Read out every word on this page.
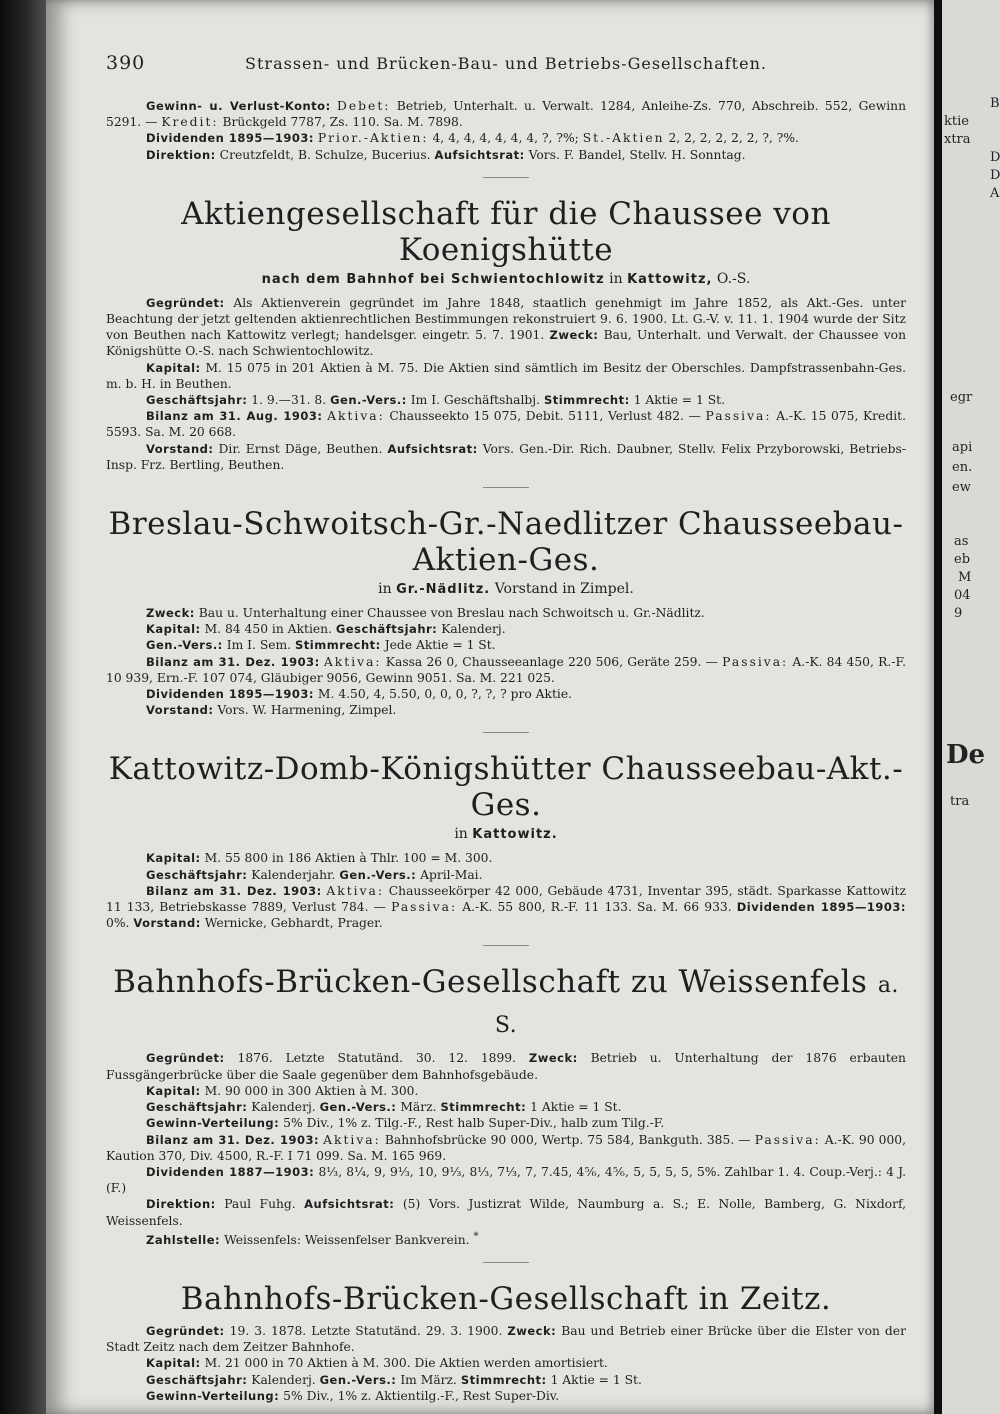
B
ktie
xtra
D
D
A
egr
api
en.
ew
as
eb
M
04
9
De
tra
390	Strassen- und Brücken-Bau- und Betriebs-Gesellschaften.

Gewinn- u. Verlust-Konto: Debet: Betrieb, Unterhalt. u. Verwalt. 1284, Anleihe-Zs. 770, Abschreib. 552, Gewinn 5291. — Kredit: Brückgeld 7787, Zs. 110. Sa. M. 7898.

Dividenden 1895—1903: Prior.-Aktien: 4, 4, 4, 4, 4, 4, 4, ?, ?%; St.-Aktien 2, 2, 2, 2, 2, 2, ?, ?%.

Direktion: Creutzfeldt, B. Schulze, Bucerius. Aufsichtsrat: Vors. F. Bandel, Stellv. H. Sonntag.

Aktiengesellschaft für die Chaussee von Koenigshütte
nach dem Bahnhof bei Schwientochlowitz in Kattowitz, O.-S.

Gegründet: Als Aktienverein gegründet im Jahre 1848, staatlich genehmigt im Jahre 1852, als Akt.-Ges. unter Beachtung der jetzt geltenden aktienrechtlichen Bestimmungen rekonstruiert 9. 6. 1900. Lt. G.-V. v. 11. 1. 1904 wurde der Sitz von Beuthen nach Kattowitz verlegt; handelsger. eingetr. 5. 7. 1901. Zweck: Bau, Unterhalt. und Verwalt. der Chaussee von Königshütte O.-S. nach Schwientochlowitz.

Kapital: M. 15 075 in 201 Aktien à M. 75. Die Aktien sind sämtlich im Besitz der Oberschles. Dampfstrassenbahn-Ges. m. b. H. in Beuthen.

Geschäftsjahr: 1. 9.—31. 8. Gen.-Vers.: Im I. Geschäftshalbj. Stimmrecht: 1 Aktie = 1 St.

Bilanz am 31. Aug. 1903: Aktiva: Chausseekto 15 075, Debit. 5111, Verlust 482. — Passiva: A.-K. 15 075, Kredit. 5593. Sa. M. 20 668.

Vorstand: Dir. Ernst Däge, Beuthen. Aufsichtsrat: Vors. Gen.-Dir. Rich. Daubner, Stellv. Felix Przyborowski, Betriebs-Insp. Frz. Bertling, Beuthen.

Breslau-Schwoitsch-Gr.-Naedlitzer Chausseebau-Aktien-Ges.
in Gr.-Nädlitz. Vorstand in Zimpel.

Zweck: Bau u. Unterhaltung einer Chaussee von Breslau nach Schwoitsch u. Gr.-Nädlitz.

Kapital: M. 84 450 in Aktien. Geschäftsjahr: Kalenderj.

Gen.-Vers.: Im I. Sem. Stimmrecht: Jede Aktie = 1 St.

Bilanz am 31. Dez. 1903: Aktiva: Kassa 26 0, Chausseeanlage 220 506, Geräte 259. — Passiva: A.-K. 84 450, R.-F. 10 939, Ern.-F. 107 074, Gläubiger 9056, Gewinn 9051. Sa. M. 221 025.

Dividenden 1895—1903: M. 4.50, 4, 5.50, 0, 0, 0, ?, ?, ? pro Aktie.

Vorstand: Vors. W. Harmening, Zimpel.

Kattowitz-Domb-Königshütter Chausseebau-Akt.-Ges.
in Kattowitz.

Kapital: M. 55 800 in 186 Aktien à Thlr. 100 = M. 300.

Geschäftsjahr: Kalenderjahr. Gen.-Vers.: April-Mai.

Bilanz am 31. Dez. 1903: Aktiva: Chausseekörper 42 000, Gebäude 4731, Inventar 395, städt. Sparkasse Kattowitz 11 133, Betriebskasse 7889, Verlust 784. — Passiva: A.-K. 55 800, R.-F. 11 133. Sa. M. 66 933. Dividenden 1895—1903: 0%. Vorstand: Wernicke, Gebhardt, Prager.

Bahnhofs-Brücken-Gesellschaft zu Weissenfels a. S.

Gegründet: 1876. Letzte Statutänd. 30. 12. 1899. Zweck: Betrieb u. Unterhaltung der 1876 erbauten Fussgängerbrücke über die Saale gegenüber dem Bahnhofsgebäude.

Kapital: M. 90 000 in 300 Aktien à M. 300.

Geschäftsjahr: Kalenderj. Gen.-Vers.: März. Stimmrecht: 1 Aktie = 1 St.

Gewinn-Verteilung: 5% Div., 1% z. Tilg.-F., Rest halb Super-Div., halb zum Tilg.-F.

Bilanz am 31. Dez. 1903: Aktiva: Bahnhofsbrücke 90 000, Wertp. 75 584, Bankguth. 385. — Passiva: A.-K. 90 000, Kaution 370, Div. 4500, R.-F. I 71 099. Sa. M. 165 969.

Dividenden 1887—1903: 8⅓, 8¼, 9, 9⅓, 10, 9⅓, 8⅓, 7⅓, 7, 7.45, 4⅚, 4⅚, 5, 5, 5, 5, 5%. Zahlbar 1. 4. Coup.-Verj.: 4 J. (F.)

Direktion: Paul Fuhg. Aufsichtsrat: (5) Vors. Justizrat Wilde, Naumburg a. S.; E. Nolle, Bamberg, G. Nixdorf, Weissenfels.

Zahlstelle: Weissenfels: Weissenfelser Bankverein. *

Bahnhofs-Brücken-Gesellschaft in Zeitz.

Gegründet: 19. 3. 1878. Letzte Statutänd. 29. 3. 1900. Zweck: Bau und Betrieb einer Brücke über die Elster von der Stadt Zeitz nach dem Zeitzer Bahnhofe.

Kapital: M. 21 000 in 70 Aktien à M. 300. Die Aktien werden amortisiert.

Geschäftsjahr: Kalenderj. Gen.-Vers.: Im März. Stimmrecht: 1 Aktie = 1 St.

Gewinn-Verteilung: 5% Div., 1% z. Aktientilg.-F., Rest Super-Div.
